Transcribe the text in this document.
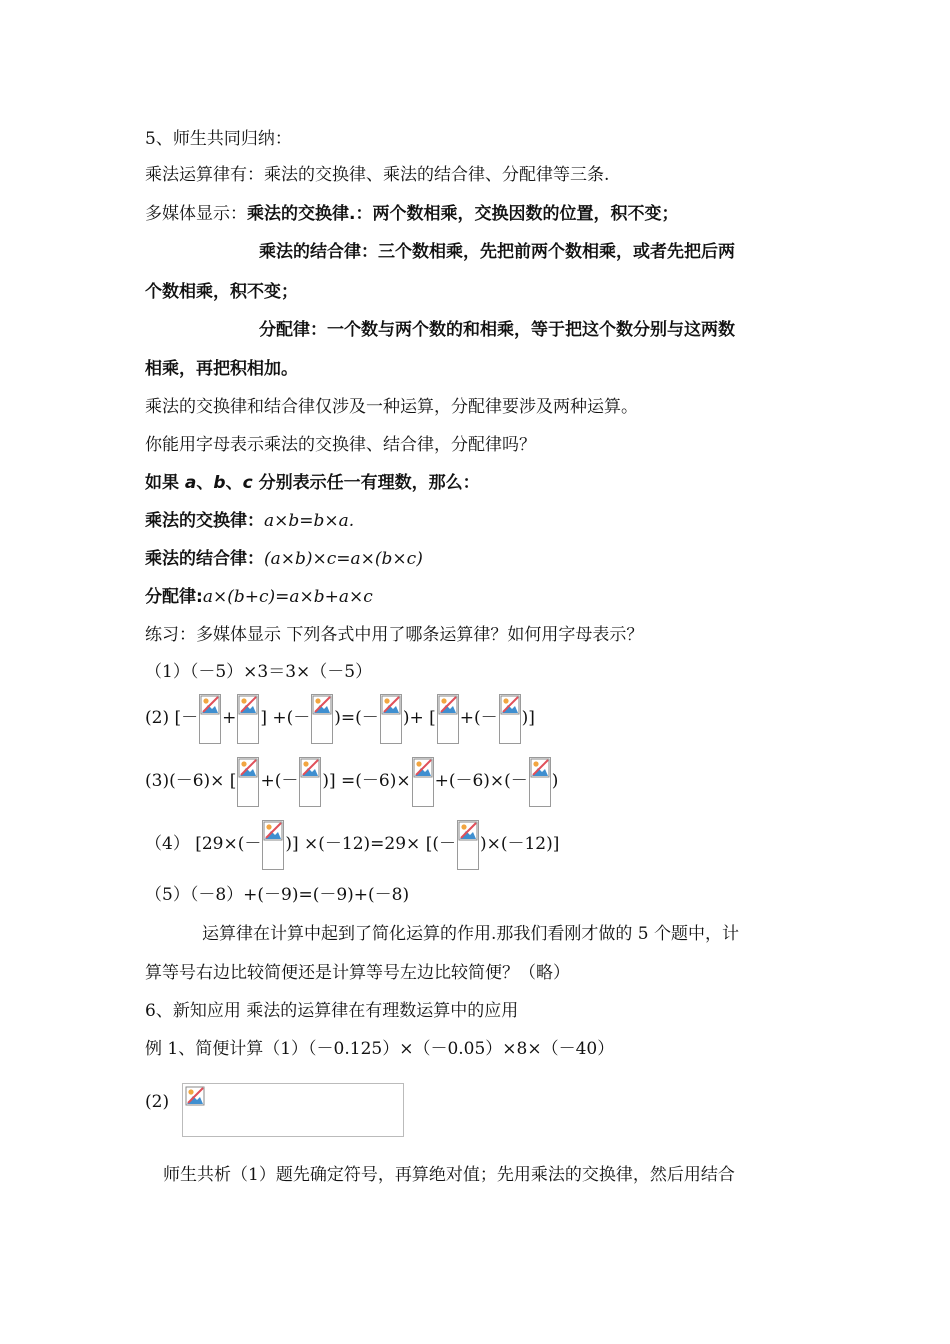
5、师生共同归纳：
乘法运算律有：乘法的交换律、乘法的结合律、分配律等三条.
多媒体显示：乘法的交换律.：两个数相乘，交换因数的位置，积不变；
乘法的结合律：三个数相乘，先把前两个数相乘，或者先把后两
个数相乘，积不变；
分配律：一个数与两个数的和相乘，等于把这个数分别与这两数
相乘，再把积相加。
乘法的交换律和结合律仅涉及一种运算，分配律要涉及两种运算。
你能用字母表示乘法的交换律、结合律，分配律吗？
如果 a、b、c 分别表示任一有理数，那么：
乘法的交换律：a×b=b×a.
乘法的结合律：(a×b)×c=a×(b×c)
分配律:a×(b+c)=a×b+a×c
练习：多媒体显示 下列各式中用了哪条运算律？如何用字母表示？
（1）（－5）×3＝3×（－5）
(2) [－ + ] +(－ )=(－ )+ [ +(－ )]
(3)(－6)× [ +(－ )] =(－6)× +(－6)×(－ )
（4） [29×(－ )] ×(－12)=29× [(－ )×(－12)]
（5）（－8）+(－9)=(－9)+(－8)
运算律在计算中起到了简化运算的作用.那我们看刚才做的 5 个题中，计
算等号右边比较简便还是计算等号左边比较简便？（略）
6、新知应用 乘法的运算律在有理数运算中的应用
例 1、简便计算（1）（－0.125）×（－0.05）×8×（－40）
(2)
师生共析（1）题先确定符号，再算绝对值；先用乘法的交换律，然后用结合
